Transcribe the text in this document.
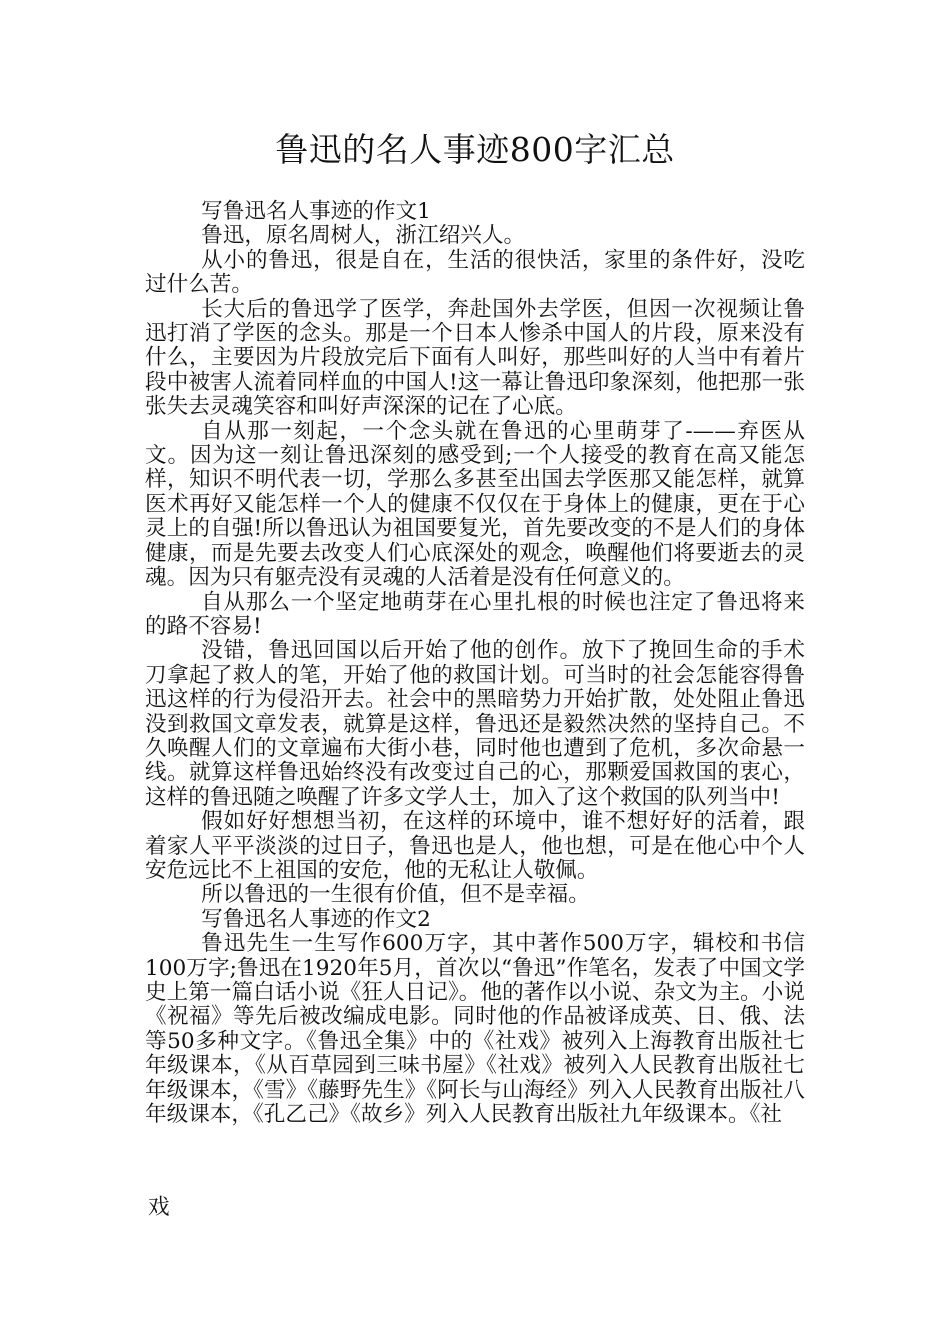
鲁迅的名人事迹800字汇总

写鲁迅名人事迹的作文1

鲁迅，原名周树人，浙江绍兴人。

从小的鲁迅，很是自在，生活的很快活，家里的条件好，没吃过什么苦。

长大后的鲁迅学了医学，奔赴国外去学医，但因一次视频让鲁迅打消了学医的念头。那是一个日本人惨杀中国人的片段，原来没有什么，主要因为片段放完后下面有人叫好，那些叫好的人当中有着片段中被害人流着同样血的中国人!这一幕让鲁迅印象深刻，他把那一张张失去灵魂笑容和叫好声深深的记在了心底。

自从那一刻起，一个念头就在鲁迅的心里萌芽了-——弃医从文。因为这一刻让鲁迅深刻的感受到;一个人接受的教育在高又能怎样，知识不明代表一切，学那么多甚至出国去学医那又能怎样，就算医术再好又能怎样一个人的健康不仅仅在于身体上的健康，更在于心灵上的自强!所以鲁迅认为祖国要复光，首先要改变的不是人们的身体健康，而是先要去改变人们心底深处的观念，唤醒他们将要逝去的灵魂。因为只有躯壳没有灵魂的人活着是没有任何意义的。

自从那么一个坚定地萌芽在心里扎根的时候也注定了鲁迅将来的路不容易!

没错，鲁迅回国以后开始了他的创作。放下了挽回生命的手术刀拿起了救人的笔，开始了他的救国计划。可当时的社会怎能容得鲁迅这样的行为侵沿开去。社会中的黑暗势力开始扩散，处处阻止鲁迅没到救国文章发表，就算是这样，鲁迅还是毅然决然的坚持自己。不久唤醒人们的文章遍布大街小巷，同时他也遭到了危机，多次命悬一线。就算这样鲁迅始终没有改变过自己的心，那颗爱国救国的衷心，这样的鲁迅随之唤醒了许多文学人士，加入了这个救国的队列当中!

假如好好想想当初，在这样的环境中，谁不想好好的活着，跟着家人平平淡淡的过日子，鲁迅也是人，他也想，可是在他心中个人安危远比不上祖国的安危，他的无私让人敬佩。

所以鲁迅的一生很有价值，但不是幸福。

写鲁迅名人事迹的作文2

鲁迅先生一生写作600万字，其中著作500万字，辑校和书信100万字;鲁迅在1920年5月，首次以“鲁迅”作笔名，发表了中国文学史上第一篇白话小说《狂人日记》。他的著作以小说、杂文为主。小说《祝福》等先后被改编成电影。同时他的作品被译成英、日、俄、法等50多种文字。《鲁迅全集》中的《社戏》被列入上海教育出版社七年级课本，《从百草园到三味书屋》《社戏》被列入人民教育出版社七年级课本，《雪》《藤野先生》《阿长与山海经》列入人民教育出版社八年级课本，《孔乙己》《故乡》列入人民教育出版社九年级课本。《社

戏
